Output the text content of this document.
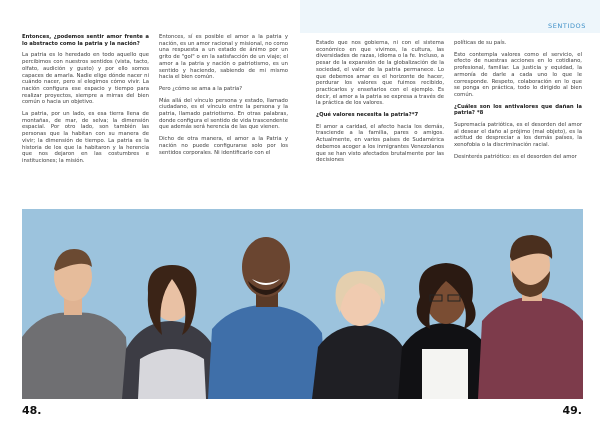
SENTIDOS

Entonces, ¿podemos sentir amor frente a lo abstracto como la patria y la nación?

La patria es lo heredado en todo aquello que percibimos con nuestros sentidos (vista, tacto, olfato, audición y gusto) y por ello somos capaces de amarla. Nadie elige dónde nacer ni cuándo nacer, pero sí elegimos cómo vivir. La nación configura ese espacio y tiempo para realizar proyectos, siempre a mirras del bien común o hacia un objetivo.

La patria, por un lado, es esa tierra llena de montañas, de mar, de selva; la dimensión espacial. Por otro lado, son también las personas que la habitan con su manera de vivir; la dimensión de tiempo. La patria es la historia de los que la habitaron y la herencia que nos dejaron en las costumbres e instituciones; la misión.

Entonces, sí es posible el amor a la patria y nación, es un amor racional y misional, no como una respuesta a un estado de ánimo por un grito de "gol" o en la satisfacción de un viaje; el amor a la patria y nación o patriotismo, es un sentido y haciendo, sabiendo de mi mismo hacia el bien común.

Pero ¿cómo se ama a la patria?

Más allá del vínculo persona y estado, llamado ciudadano, es el vínculo entre la persona y la patria, llamado patriotismo. En otras palabras, donde configura el sentido de vida trascendente que además será herencia de las que vienen.

Dicho de otra manera, el amor a la Patria y nación no puede configurarse solo por los sentidos corporales. Ni identificarlo con el

Estado que nos gobierna, ni con el sistema económico en que vivimos, la cultura, las diversidades de razas, idioma o la fe. Incluso, a pesar de la expansión de la globalización de la sociedad, el valor de la patria permanece. Lo que debemos amar es el horizonte de hacer, perdurar los valores que fuimos recibido, practicarlos y enseñarlos con el ejemplo. Es decir, el amor a la patria se expresa a través de la práctica de los valores.

¿Qué valores necesita la patria?*7

El amor a caridad, el afecto hacia los demás, trasciende a la familia, pares o amigos. Actualmente, en varios países de Sudamérica debemos acoger a los inmigrantes Venezolanos que se han visto afectados brutalmente por las decisiones

políticas de su país.

Esto contempla valores como el servicio, el efecto de nuestras acciones en lo cotidiano, profesional, familiar. La justicia y equidad, la armonía de darle a cada uno lo que le corresponde. Respeto, colaboración en lo que se ponga en práctica, todo lo dirigido al bien común.

¿Cuáles son los antivalores que dañan la patria? *8

Supremacía patriótica, es el desorden del amor al desear el daño al prójimo (mal objeto), es la actitud de despreciar a los demás países, la xenofobia o la discriminación racial.

Desinterés patriótico: es el desorden del amor

48.	49.
